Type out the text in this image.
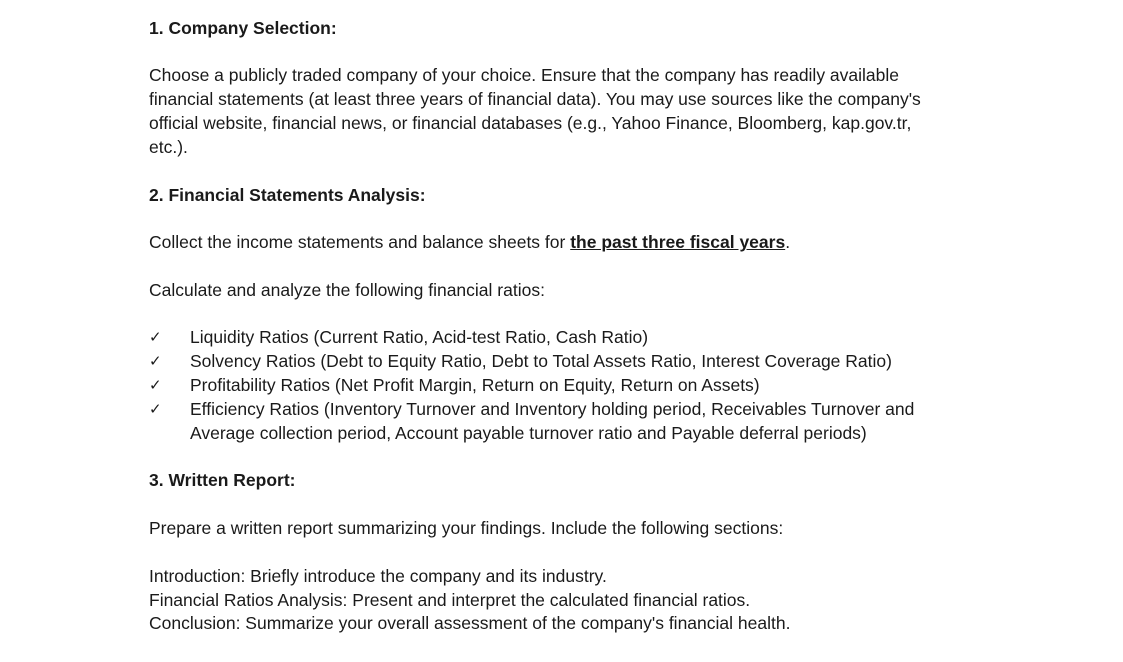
1. Company Selection:
Choose a publicly traded company of your choice. Ensure that the company has readily available
financial statements (at least three years of financial data). You may use sources like the company's
official website, financial news, or financial databases (e.g., Yahoo Finance, Bloomberg, kap.gov.tr,
etc.).
2. Financial Statements Analysis:
Collect the income statements and balance sheets for the past three fiscal years.
Calculate and analyze the following financial ratios:
✓ Liquidity Ratios (Current Ratio, Acid-test Ratio, Cash Ratio)
✓ Solvency Ratios (Debt to Equity Ratio, Debt to Total Assets Ratio, Interest Coverage Ratio)
✓ Profitability Ratios (Net Profit Margin, Return on Equity, Return on Assets)
✓ Efficiency Ratios (Inventory Turnover and Inventory holding period, Receivables Turnover and
Average collection period, Account payable turnover ratio and Payable deferral periods)
3. Written Report:
Prepare a written report summarizing your findings. Include the following sections:
Introduction: Briefly introduce the company and its industry.
Financial Ratios Analysis: Present and interpret the calculated financial ratios.
Conclusion: Summarize your overall assessment of the company's financial health.
